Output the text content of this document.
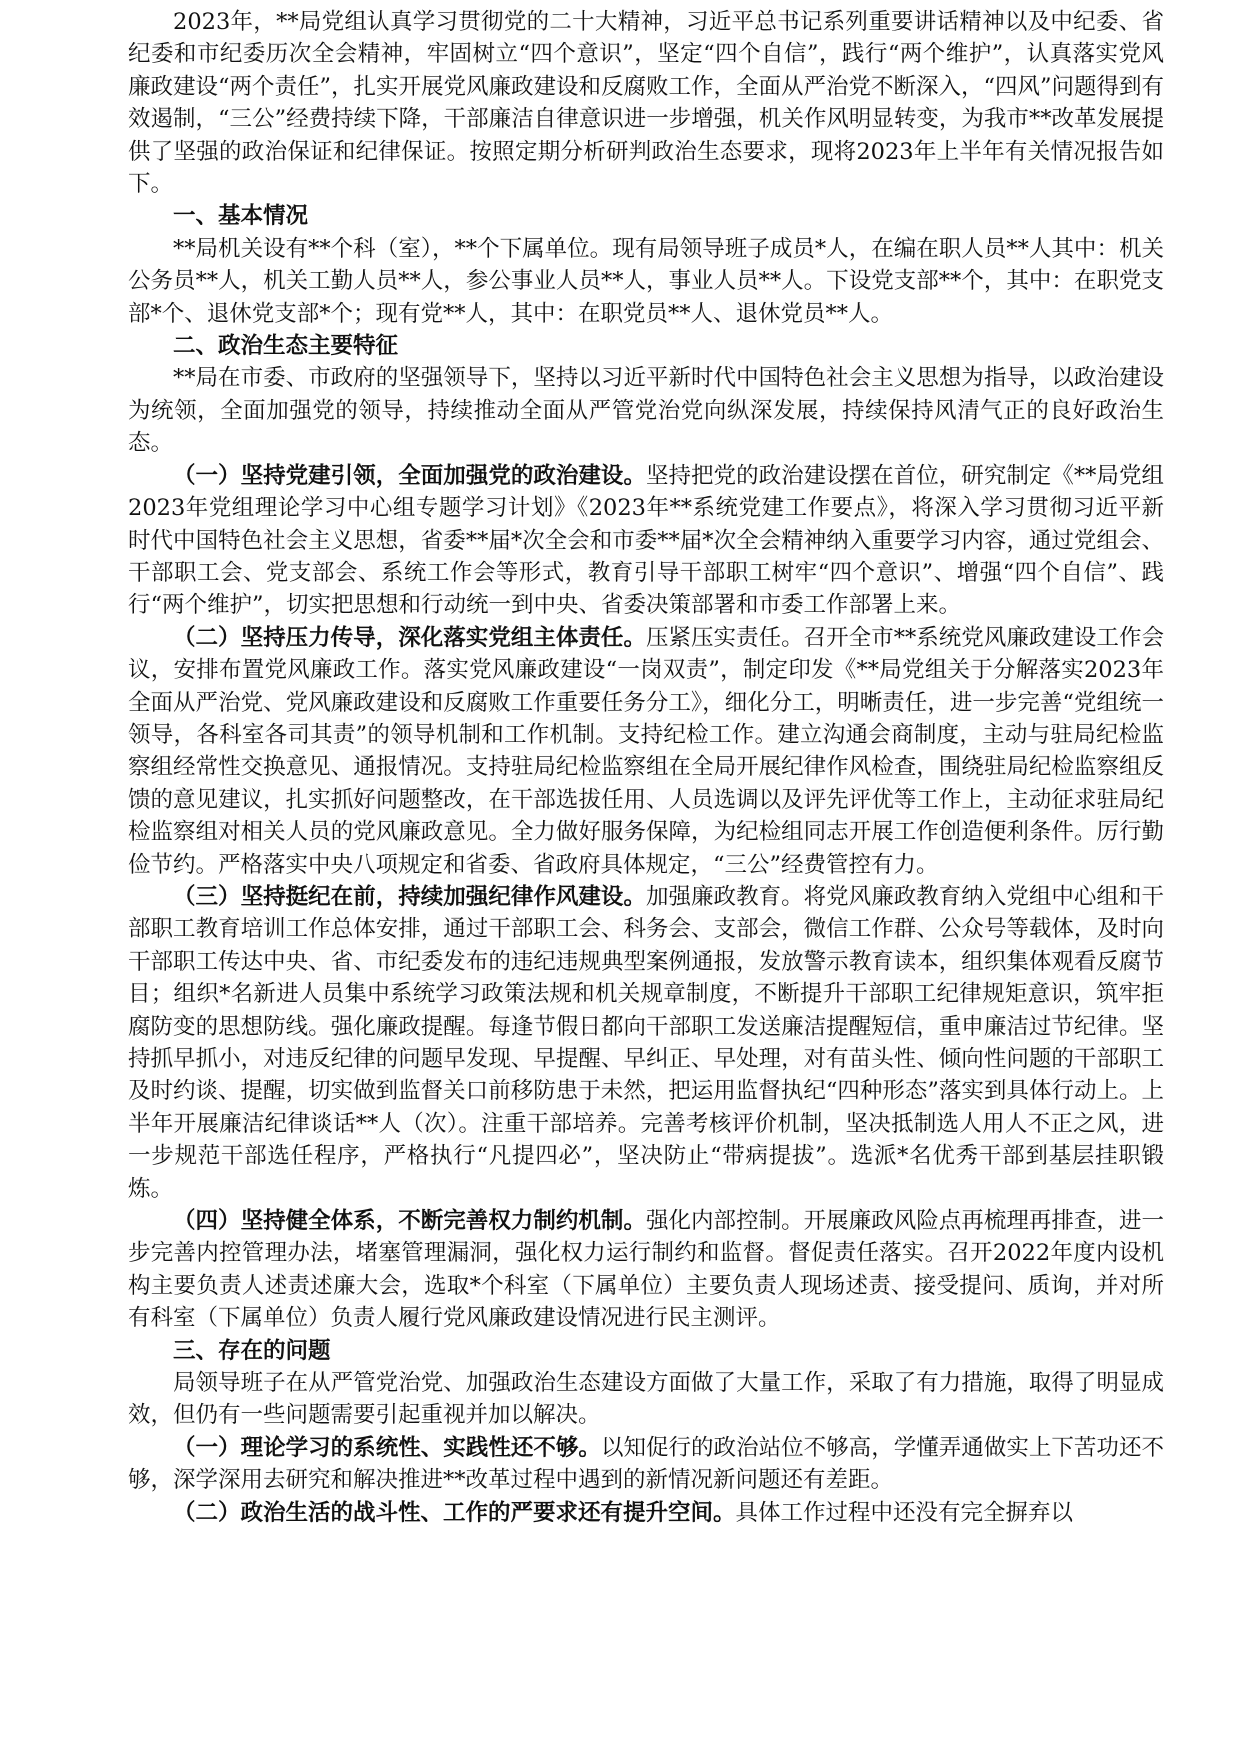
2023年，**局党组认真学习贯彻党的二十大精神，习近平总书记系列重要讲话精神以及中纪委、省纪委和市纪委历次全会精神，牢固树立“四个意识”，坚定“四个自信”，践行“两个维护”，认真落实党风廉政建设“两个责任”，扎实开展党风廉政建设和反腐败工作，全面从严治党不断深入，“四风”问题得到有效遏制，“三公”经费持续下降，干部廉洁自律意识进一步增强，机关作风明显转变，为我市**改革发展提供了坚强的政治保证和纪律保证。按照定期分析研判政治生态要求，现将2023年上半年有关情况报告如下。

一、基本情况

**局机关设有**个科（室），**个下属单位。现有局领导班子成员*人，在编在职人员**人其中：机关公务员**人，机关工勤人员**人，参公事业人员**人，事业人员**人。下设党支部**个，其中：在职党支部*个、退休党支部*个；现有党**人，其中：在职党员**人、退休党员**人。

二、政治生态主要特征

**局在市委、市政府的坚强领导下，坚持以习近平新时代中国特色社会主义思想为指导，以政治建设为统领，全面加强党的领导，持续推动全面从严管党治党向纵深发展，持续保持风清气正的良好政治生态。

（一）坚持党建引领，全面加强党的政治建设。坚持把党的政治建设摆在首位，研究制定《**局党组2023年党组理论学习中心组专题学习计划》《2023年**系统党建工作要点》，将深入学习贯彻习近平新时代中国特色社会主义思想，省委**届*次全会和市委**届*次全会精神纳入重要学习内容，通过党组会、干部职工会、党支部会、系统工作会等形式，教育引导干部职工树牢“四个意识”、增强“四个自信”、践行“两个维护”，切实把思想和行动统一到中央、省委决策部署和市委工作部署上来。

（二）坚持压力传导，深化落实党组主体责任。压紧压实责任。召开全市**系统党风廉政建设工作会议，安排布置党风廉政工作。落实党风廉政建设“一岗双责”，制定印发《**局党组关于分解落实2023年全面从严治党、党风廉政建设和反腐败工作重要任务分工》，细化分工，明晰责任，进一步完善“党组统一领导，各科室各司其责”的领导机制和工作机制。支持纪检工作。建立沟通会商制度，主动与驻局纪检监察组经常性交换意见、通报情况。支持驻局纪检监察组在全局开展纪律作风检查，围绕驻局纪检监察组反馈的意见建议，扎实抓好问题整改，在干部选拔任用、人员选调以及评先评优等工作上，主动征求驻局纪检监察组对相关人员的党风廉政意见。全力做好服务保障，为纪检组同志开展工作创造便利条件。厉行勤俭节约。严格落实中央八项规定和省委、省政府具体规定，“三公”经费管控有力。

（三）坚持挺纪在前，持续加强纪律作风建设。加强廉政教育。将党风廉政教育纳入党组中心组和干部职工教育培训工作总体安排，通过干部职工会、科务会、支部会，微信工作群、公众号等载体，及时向干部职工传达中央、省、市纪委发布的违纪违规典型案例通报，发放警示教育读本，组织集体观看反腐节目；组织*名新进人员集中系统学习政策法规和机关规章制度，不断提升干部职工纪律规矩意识，筑牢拒腐防变的思想防线。强化廉政提醒。每逢节假日都向干部职工发送廉洁提醒短信，重申廉洁过节纪律。坚持抓早抓小，对违反纪律的问题早发现、早提醒、早纠正、早处理，对有苗头性、倾向性问题的干部职工及时约谈、提醒，切实做到监督关口前移防患于未然，把运用监督执纪“四种形态”落实到具体行动上。上半年开展廉洁纪律谈话**人（次）。注重干部培养。完善考核评价机制，坚决抵制选人用人不正之风，进一步规范干部选任程序，严格执行“凡提四必”，坚决防止“带病提拔”。选派*名优秀干部到基层挂职锻炼。

（四）坚持健全体系，不断完善权力制约机制。强化内部控制。开展廉政风险点再梳理再排查，进一步完善内控管理办法，堵塞管理漏洞，强化权力运行制约和监督。督促责任落实。召开2022年度内设机构主要负责人述责述廉大会，选取*个科室（下属单位）主要负责人现场述责、接受提问、质询，并对所有科室（下属单位）负责人履行党风廉政建设情况进行民主测评。

三、存在的问题

局领导班子在从严管党治党、加强政治生态建设方面做了大量工作，采取了有力措施，取得了明显成效，但仍有一些问题需要引起重视并加以解决。

（一）理论学习的系统性、实践性还不够。以知促行的政治站位不够高，学懂弄通做实上下苦功还不够，深学深用去研究和解决推进**改革过程中遇到的新情况新问题还有差距。

（二）政治生活的战斗性、工作的严要求还有提升空间。具体工作过程中还没有完全摒弃以
